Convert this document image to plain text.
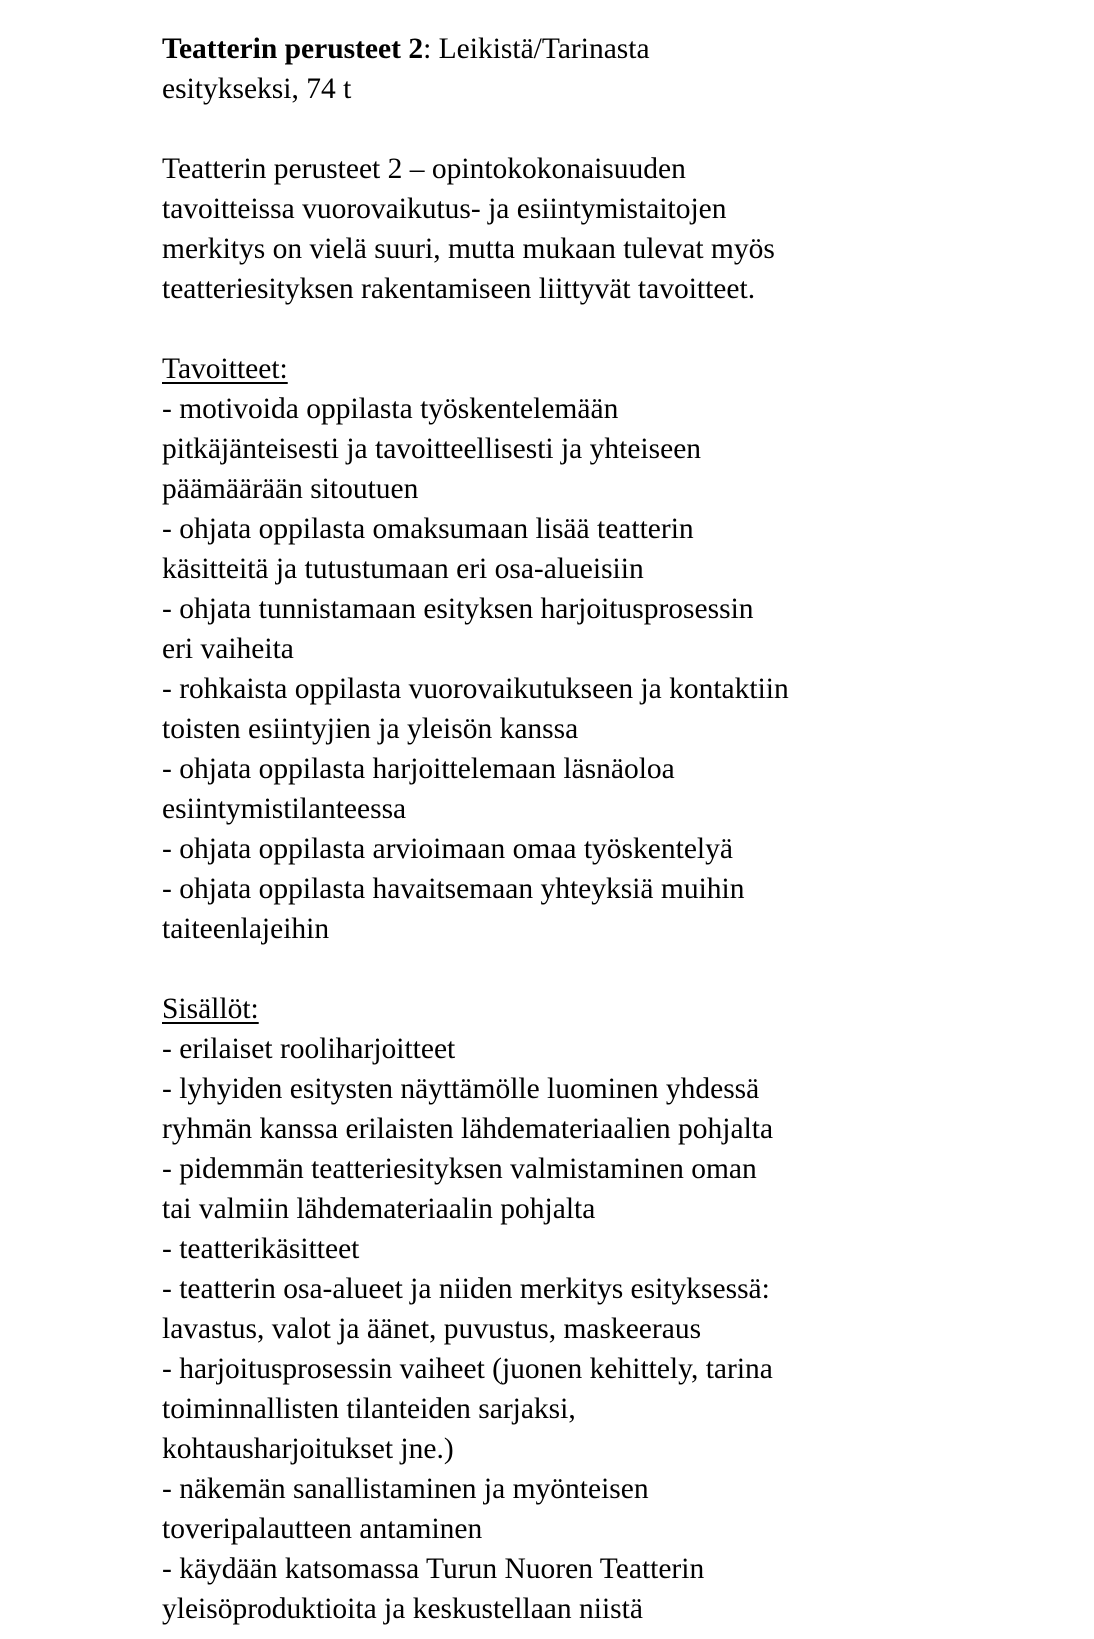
Teatterin perusteet 2: Leikistä/Tarinasta
esitykseksi, 74 t
Teatterin perusteet 2 – opintokokonaisuuden
tavoitteissa vuorovaikutus- ja esiintymistaitojen
merkitys on vielä suuri, mutta mukaan tulevat myös
teatteriesityksen rakentamiseen liittyvät tavoitteet.
Tavoitteet:
- motivoida oppilasta työskentelemään
pitkäjänteisesti ja tavoitteellisesti ja yhteiseen
päämäärään sitoutuen
- ohjata oppilasta omaksumaan lisää teatterin
käsitteitä ja tutustumaan eri osa-alueisiin
- ohjata tunnistamaan esityksen harjoitusprosessin
eri vaiheita
- rohkaista oppilasta vuorovaikutukseen ja kontaktiin
toisten esiintyjien ja yleisön kanssa
- ohjata oppilasta harjoittelemaan läsnäoloa
esiintymistilanteessa
- ohjata oppilasta arvioimaan omaa työskentelyä
- ohjata oppilasta havaitsemaan yhteyksiä muihin
taiteenlajeihin
Sisällöt:
- erilaiset rooliharjoitteet
- lyhyiden esitysten näyttämölle luominen yhdessä
ryhmän kanssa erilaisten lähdemateriaalien pohjalta
- pidemmän teatteriesityksen valmistaminen oman
tai valmiin lähdemateriaalin pohjalta
- teatterikäsitteet
- teatterin osa-alueet ja niiden merkitys esityksessä:
lavastus, valot ja äänet, puvustus, maskeeraus
- harjoitusprosessin vaiheet (juonen kehittely, tarina
toiminnallisten tilanteiden sarjaksi,
kohtausharjoitukset jne.)
- näkemän sanallistaminen ja myönteisen
toveripalautteen antaminen
- käydään katsomassa Turun Nuoren Teatterin
yleisöproduktioita ja keskustellaan niistä
